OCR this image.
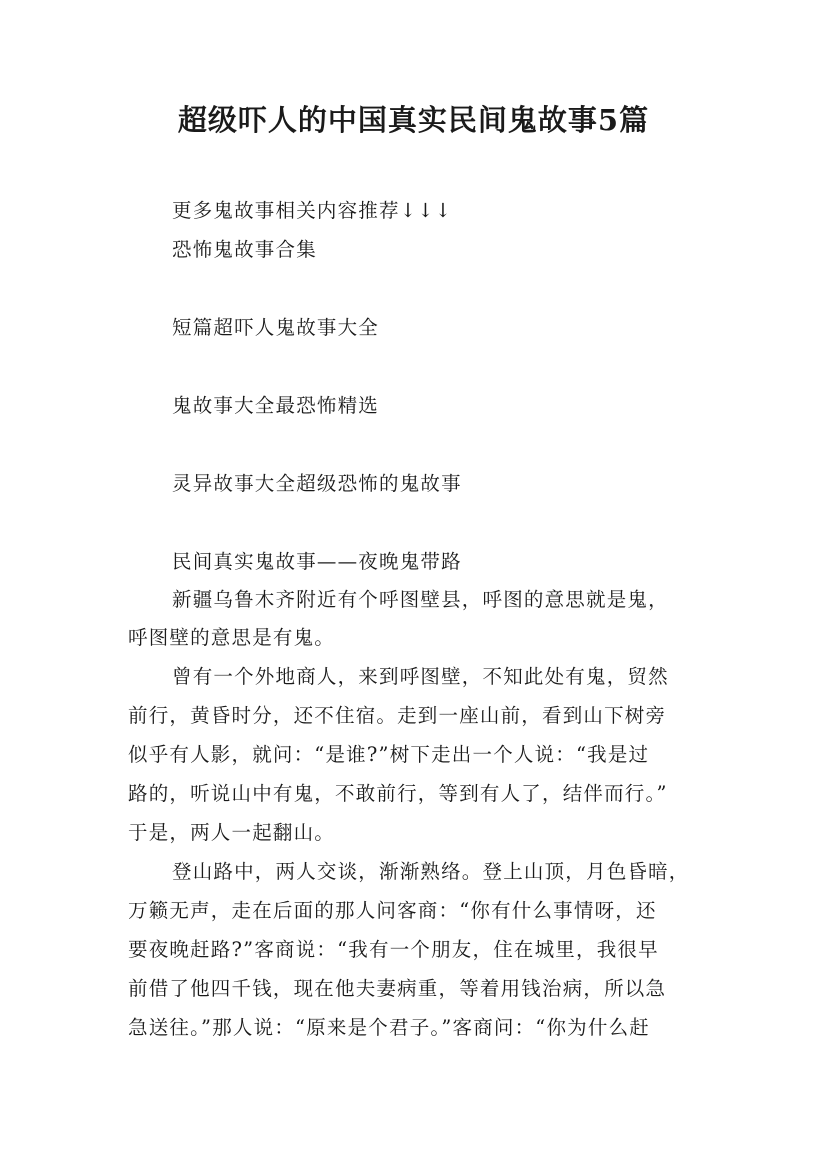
超级吓人的中国真实民间鬼故事5篇

更多鬼故事相关内容推荐↓↓↓

恐怖鬼故事合集

短篇超吓人鬼故事大全

鬼故事大全最恐怖精选

灵异故事大全超级恐怖的鬼故事

民间真实鬼故事——夜晚鬼带路

新疆乌鲁木齐附近有个呼图壁县，呼图的意思就是鬼，

呼图壁的意思是有鬼。

曾有一个外地商人，来到呼图壁，不知此处有鬼，贸然

前行，黄昏时分，还不住宿。走到一座山前，看到山下树旁

似乎有人影，就问：“是谁?”树下走出一个人说：“我是过

路的，听说山中有鬼，不敢前行，等到有人了，结伴而行。”

于是，两人一起翻山。

登山路中，两人交谈，渐渐熟络。登上山顶，月色昏暗，

万籁无声，走在后面的那人问客商：“你有什么事情呀，还

要夜晚赶路?”客商说：“我有一个朋友，住在城里，我很早

前借了他四千钱，现在他夫妻病重，等着用钱治病，所以急

急送往。”那人说：“原来是个君子。”客商问：“你为什么赶
